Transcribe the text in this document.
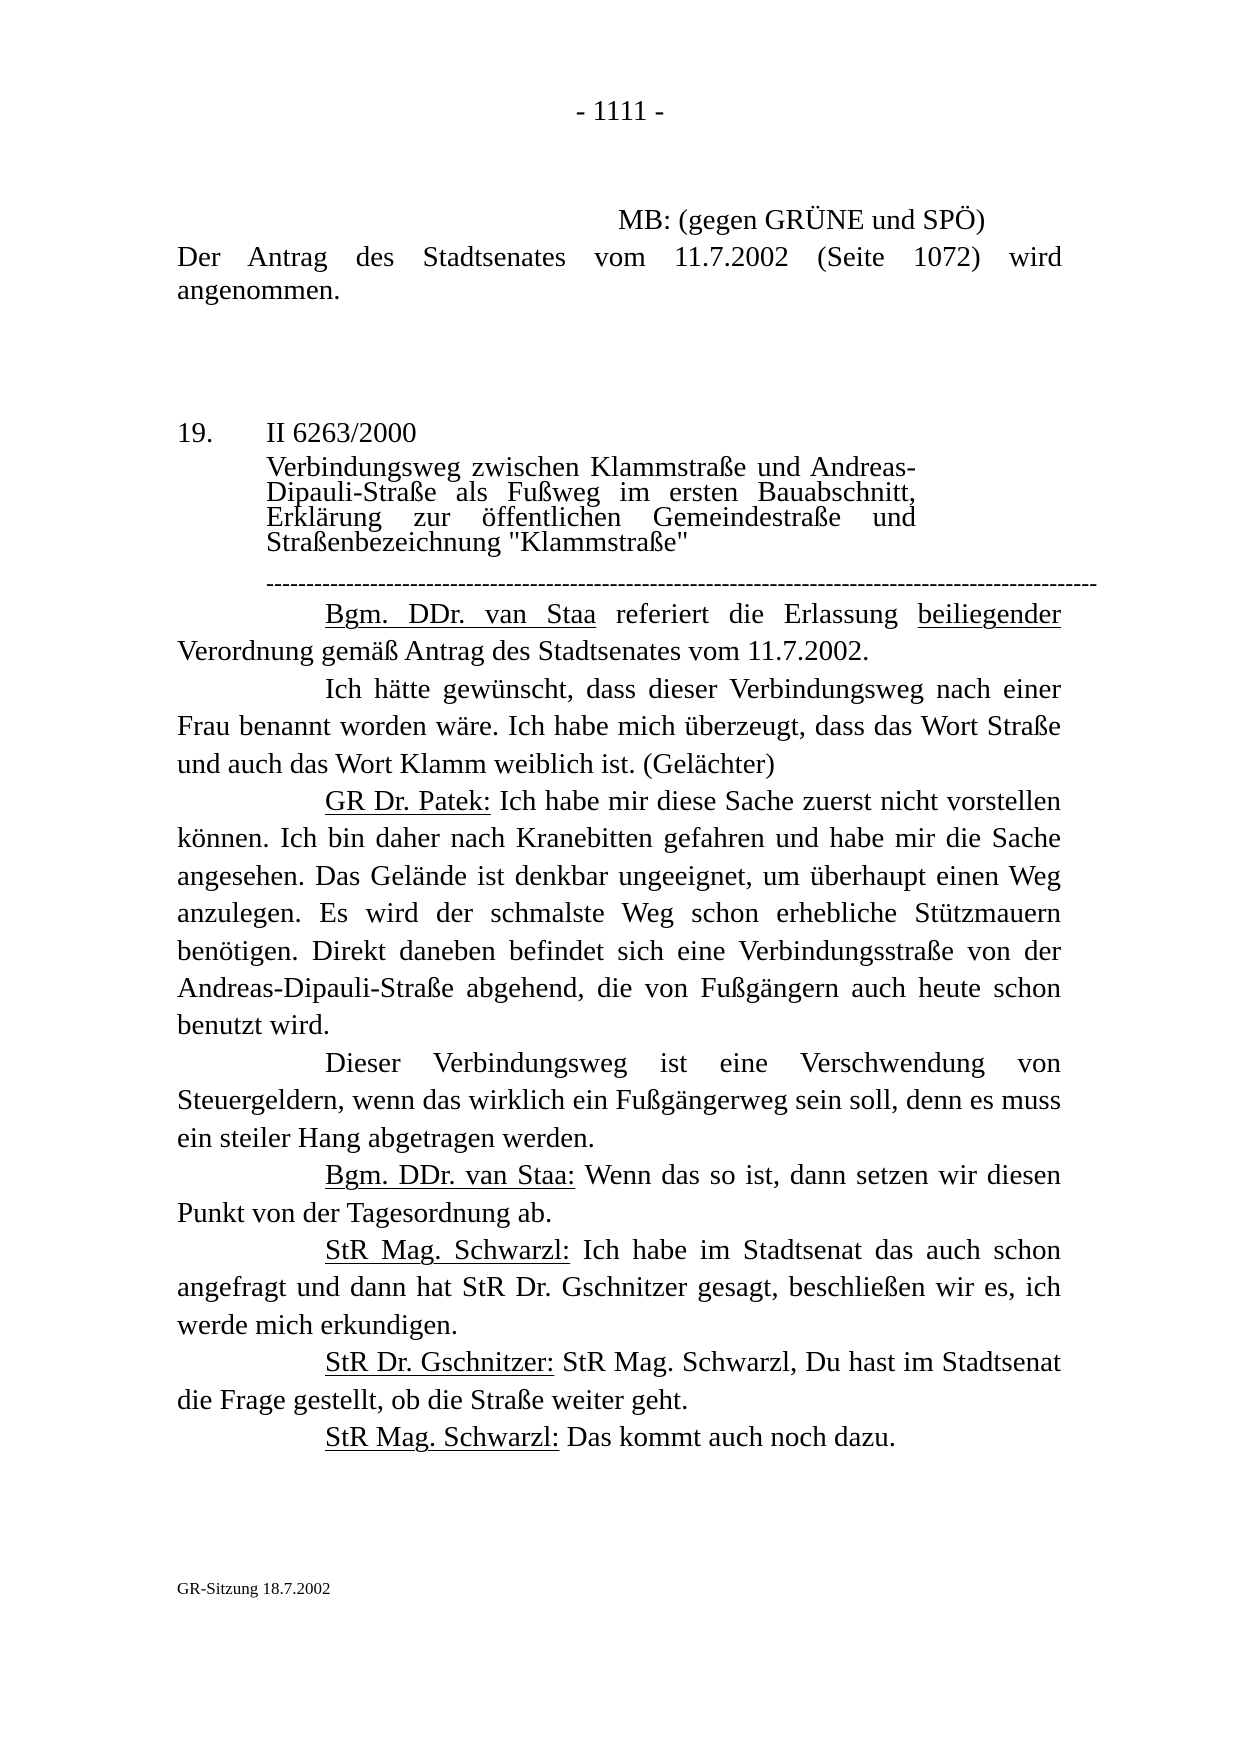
- 1111 -
MB: (gegen GRÜNE und SPÖ)
Der Antrag des Stadtsenates vom 11.7.2002 (Seite 1072) wird angenommen.
19. II 6263/2000
Verbindungsweg zwischen Klammstraße und Andreas-Dipauli-Straße als Fußweg im ersten Bauabschnitt, Erklärung zur öffentlichen Gemeindestraße und Straßenbezeichnung "Klammstraße"
--------------------------------------------------------------------------------------------------------

Bgm. DDr. van Staa referiert die Erlassung beiliegender Verordnung gemäß Antrag des Stadtsenates vom 11.7.2002.

Ich hätte gewünscht, dass dieser Verbindungsweg nach einer Frau benannt worden wäre. Ich habe mich überzeugt, dass das Wort Straße und auch das Wort Klamm weiblich ist. (Gelächter)

GR Dr. Patek: Ich habe mir diese Sache zuerst nicht vorstellen können. Ich bin daher nach Kranebitten gefahren und habe mir die Sache angesehen. Das Gelände ist denkbar ungeeignet, um überhaupt einen Weg anzulegen. Es wird der schmalste Weg schon erhebliche Stützmauern benötigen. Direkt daneben befindet sich eine Verbindungsstraße von der Andreas-Dipauli-Straße abgehend, die von Fußgängern auch heute schon benutzt wird.

Dieser Verbindungsweg ist eine Verschwendung von Steuergeldern, wenn das wirklich ein Fußgängerweg sein soll, denn es muss ein steiler Hang abgetragen werden.

Bgm. DDr. van Staa: Wenn das so ist, dann setzen wir diesen Punkt von der Tagesordnung ab.

StR Mag. Schwarzl: Ich habe im Stadtsenat das auch schon angefragt und dann hat StR Dr. Gschnitzer gesagt, beschließen wir es, ich werde mich erkundigen.

StR Dr. Gschnitzer: StR Mag. Schwarzl, Du hast im Stadtsenat die Frage gestellt, ob die Straße weiter geht.

StR Mag. Schwarzl: Das kommt auch noch dazu.

GR-Sitzung 18.7.2002
